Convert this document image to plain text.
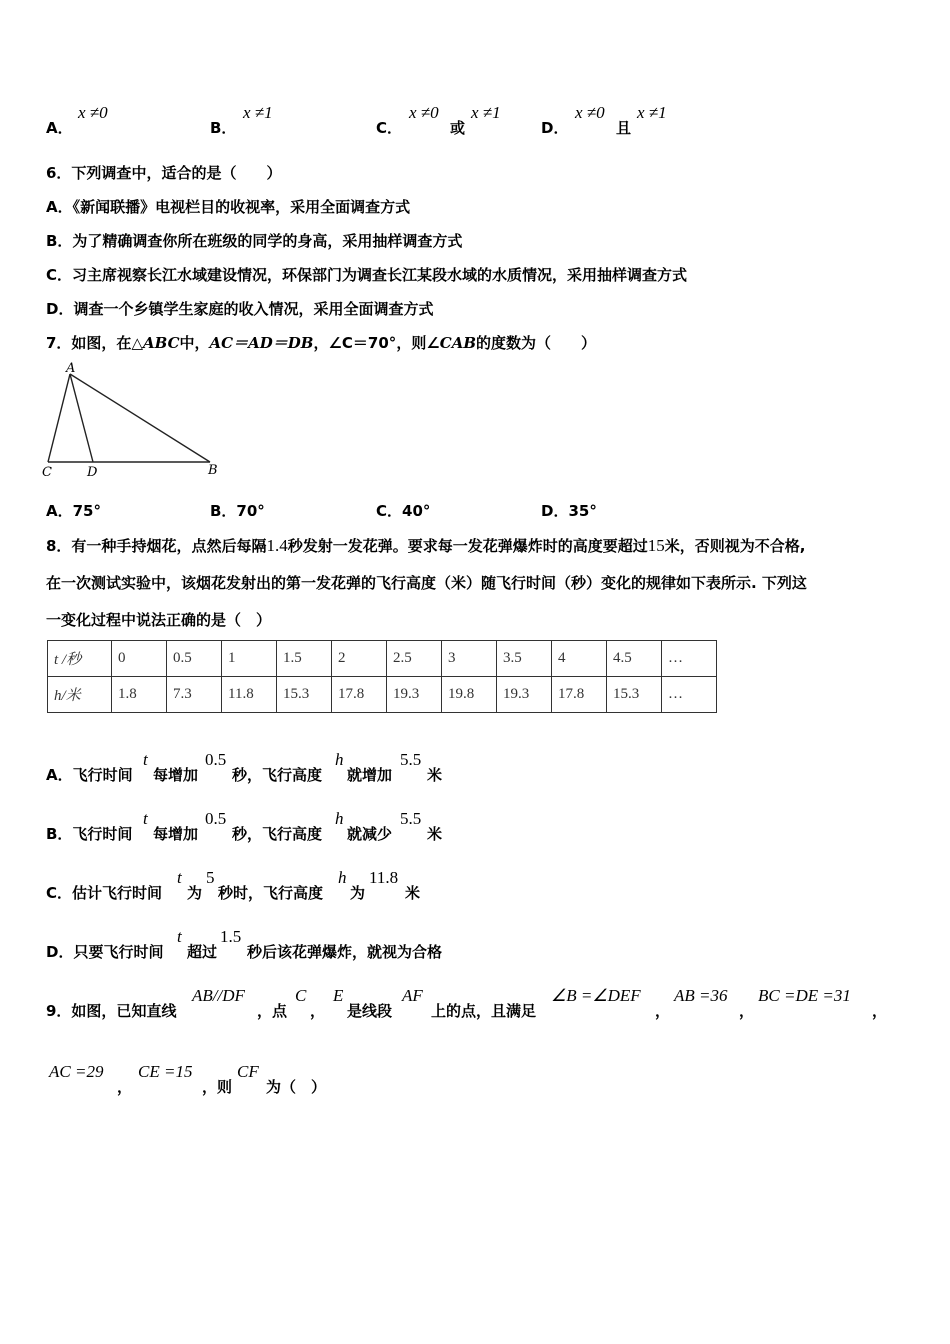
A．
x ≠0
B．
x ≠1
C．
x ≠0
或
x ≠1
D．
x ≠0
且
x ≠1
6．下列调查中，适合的是（　　）
A．《新闻联播》电视栏目的收视率，采用全面调查方式
B．为了精确调查你所在班级的同学的身高，采用抽样调查方式
C．习主席视察长江水域建设情况，环保部门为调查长江某段水域的水质情况，采用抽样调查方式
D．调查一个乡镇学生家庭的收入情况，采用全面调查方式
7．如图，在△ABC中，AC＝AD＝DB，∠C＝70°，则∠CAB的度数为（　　）
A
C	D	B
A．75°	B．70°	C．40°	D．35°
8．有一种手持烟花，点然后每隔1.4秒发射一发花弹。要求每一发花弹爆炸时的高度要超过15米，否则视为不合格,
在一次测试实验中，该烟花发射出的第一发花弹的飞行高度（米）随飞行时间（秒）变化的规律如下表所示. 下列这
一变化过程中说法正确的是（　）
t /秒	0	0.5	1	1.5	2	2.5	3	3.5	4	4.5	…
h/米	1.8	7.3	11.8	15.3	17.8	19.3	19.8	19.3	17.8	15.3	…
A．飞行时间
t
每增加
0.5
秒，飞行高度
h
就增加
5.5
米
B．飞行时间
t
每增加
0.5
秒，飞行高度
h
就减少
5.5
米
C．估计飞行时间
t
为
5
秒时，飞行高度
h
为
11.8
米
D．只要飞行时间
t
超过
1.5
秒后该花弹爆炸，就视为合格
9．如图，已知直线
AB//DF
，点
C
，
E
是线段
AF
上的点，且满足
∠B =∠DEF
，
AB =36
，
BC =DE =31
，
AC =29
，
CE =15
，则
CF
为（　）
